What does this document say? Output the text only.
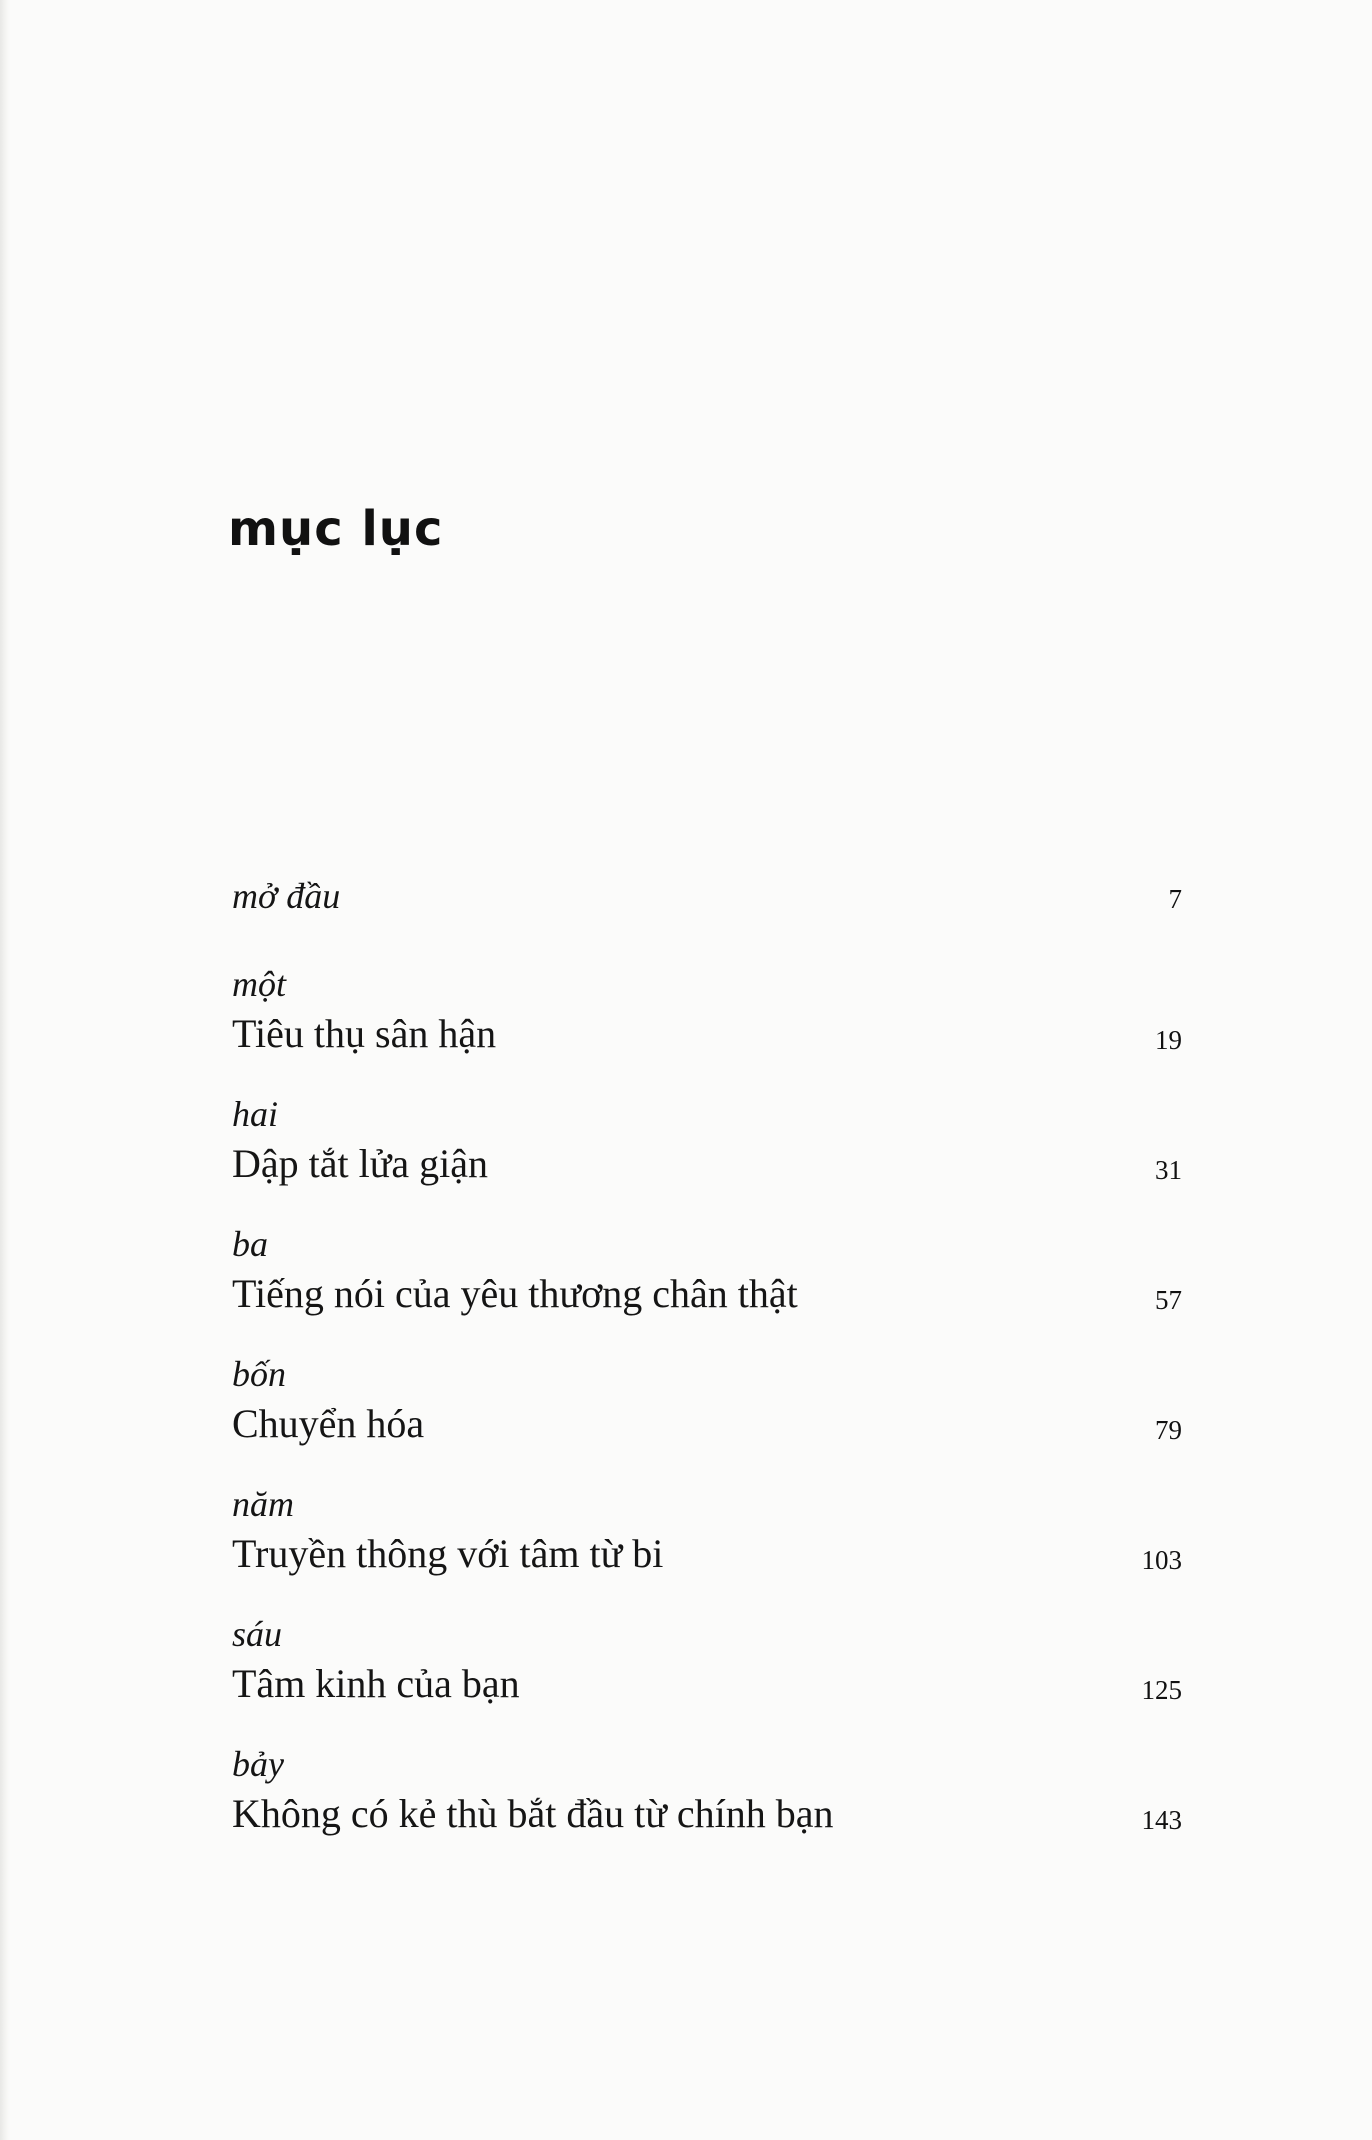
mục lục
mở đầu	7
một
Tiêu thụ sân hận	19
hai
Dập tắt lửa giận	31
ba
Tiếng nói của yêu thương chân thật	57
bốn
Chuyển hóa	79
năm
Truyền thông với tâm từ bi	103
sáu
Tâm kinh của bạn	125
bảy
Không có kẻ thù bắt đầu từ chính bạn	143
